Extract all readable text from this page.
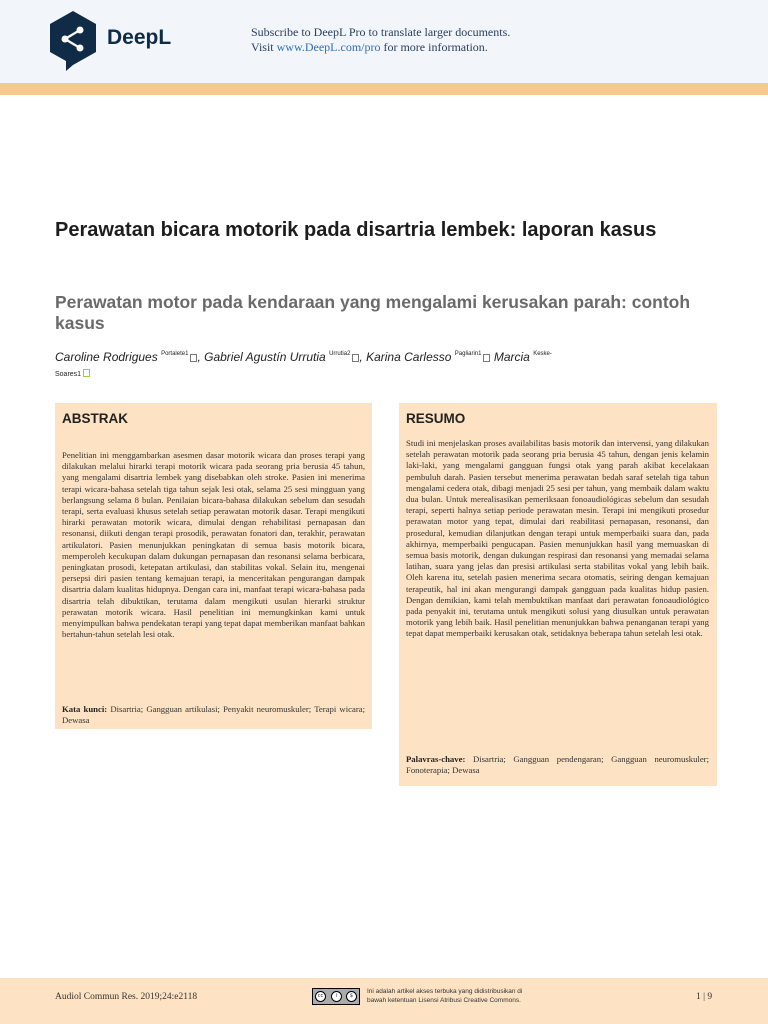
DeepL	Subscribe to DeepL Pro to translate larger documents.
Visit www.DeepL.com/pro for more information.
Perawatan bicara motorik pada disartria lembek: laporan kasus
Perawatan motor pada kendaraan yang mengalami kerusakan parah: contoh kasus
Caroline Rodrigues $^{Portalete1}$ , Gabriel Agustín Urrutia $^{Urrutia2}$ , Karina Carlesso $^{Pagliarin1}$ Marcia $^{Keske-}$
Soares1
ABSTRAK

Penelitian ini menggambarkan asesmen dasar motorik wicara dan proses terapi yang dilakukan melalui hirarki terapi motorik wicara pada seorang pria berusia 45 tahun, yang mengalami disartria lembek yang disebabkan oleh stroke. Pasien ini menerima terapi wicara-bahasa setelah tiga tahun sejak lesi otak, selama 25 sesi mingguan yang berlangsung selama 8 bulan. Penilaian bicara-bahasa dilakukan sebelum dan sesudah terapi, serta evaluasi khusus setelah setiap perawatan motorik dasar. Terapi mengikuti hirarki perawatan motorik wicara, dimulai dengan rehabilitasi pernapasan dan resonansi, diikuti dengan terapi prosodik, perawatan fonatori dan, terakhir, perawatan artikulatori. Pasien menunjukkan peningkatan di semua basis motorik bicara, memperoleh kecukupan dalam dukungan pernapasan dan resonansi selama berbicara, peningkatan prosodi, ketepatan artikulasi, dan stabilitas vokal. Selain itu, mengenai persepsi diri pasien tentang kemajuan terapi, ia menceritakan pengurangan dampak disartria dalam kualitas hidupnya. Dengan cara ini, manfaat terapi wicara-bahasa pada disartria telah dibuktikan, terutama dalam mengikuti usulan hierarki struktur perawatan motorik wicara. Hasil penelitian ini memungkinkan kami untuk menyimpulkan bahwa pendekatan terapi yang tepat dapat memberikan manfaat bahkan bertahun-tahun setelah lesi otak.

Kata kunci: Disartria; Gangguan artikulasi; Penyakit neuromuskuler; Terapi wicara; Dewasa

RESUMO

Studi ini menjelaskan proses availabilitas basis motorik dan intervensi, yang dilakukan setelah perawatan motorik pada seorang pria berusia 45 tahun, dengan jenis kelamin laki-laki, yang mengalami gangguan fungsi otak yang parah akibat kecelakaan pembuluh darah. Pasien tersebut menerima perawatan bedah saraf setelah tiga tahun mengalami cedera otak, dibagi menjadi 25 sesi per tahun, yang membaik dalam waktu dua bulan. Untuk merealisasikan pemeriksaan fonoaudiológicas sebelum dan sesudah terapi, seperti halnya setiap periode perawatan mesin. Terapi ini mengikuti prosedur perawatan motor yang tepat, dimulai dari reabilitasi pernapasan, resonansi, dan prosedural, kemudian dilanjutkan dengan terapi untuk memperbaiki suara dan, pada akhirnya, memperbaiki pengucapan. Pasien menunjukkan hasil yang memuaskan di semua basis motorik, dengan dukungan respirasi dan resonansi yang memadai selama latihan, suara yang jelas dan presisi artikulasi serta stabilitas vokal yang lebih baik. Oleh karena itu, setelah pasien menerima secara otomatis, seiring dengan kemajuan terapeutik, hal ini akan mengurangi dampak gangguan pada kualitas hidup pasien. Dengan demikian, kami telah membuktikan manfaat dari perawatan fonoaudiológico pada penyakit ini, terutama untuk mengikuti solusi yang diusulkan untuk perawatan motorik yang lebih baik. Hasil penelitian menunjukkan bahwa penanganan terapi yang tepat dapat memperbaiki kerusakan otak, setidaknya beberapa tahun setelah lesi otak.

Palavras-chave: Disartria; Gangguan pendengaran; Gangguan neuromuskuler; Fonoterapia; Dewasa

Audiol Commun Res. 2019;24:e2118	cc	i	$
Ini adalah artikel akses terbuka yang didistribusikan di bawah ketentuan Lisensi Atribusi Creative Commons.	1 | 9
